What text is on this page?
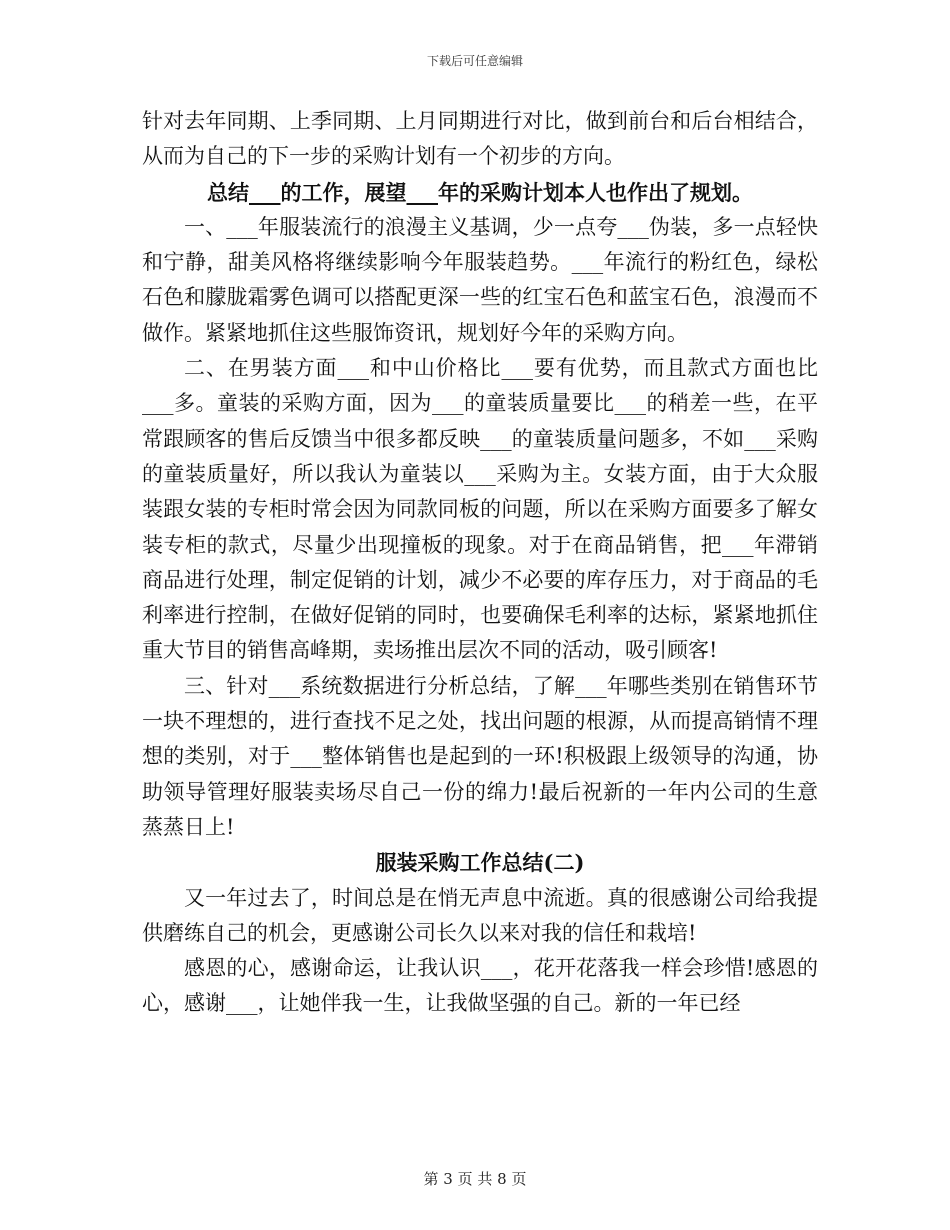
下载后可任意编辑

针对去年同期、上季同期、上月同期进行对比，做到前台和后台相结合，从而为自己的下一步的采购计划有一个初步的方向。

总结___的工作，展望___年的采购计划本人也作出了规划。

一、___年服装流行的浪漫主义基调，少一点夸___伪装，多一点轻快和宁静，甜美风格将继续影响今年服装趋势。___年流行的粉红色，绿松石色和朦胧霜雾色调可以搭配更深一些的红宝石色和蓝宝石色，浪漫而不做作。紧紧地抓住这些服饰资讯，规划好今年的采购方向。

二、在男装方面___和中山价格比___要有优势，而且款式方面也比___多。童装的采购方面，因为___的童装质量要比___的稍差一些，在平常跟顾客的售后反馈当中很多都反映___的童装质量问题多，不如___采购的童装质量好，所以我认为童装以___采购为主。女装方面，由于大众服装跟女装的专柜时常会因为同款同板的问题，所以在采购方面要多了解女装专柜的款式，尽量少出现撞板的现象。对于在商品销售，把___年滞销商品进行处理，制定促销的计划，减少不必要的库存压力，对于商品的毛利率进行控制，在做好促销的同时，也要确保毛利率的达标，紧紧地抓住重大节目的销售高峰期，卖场推出层次不同的活动，吸引顾客!

三、针对___系统数据进行分析总结，了解___年哪些类别在销售环节一块不理想的，进行查找不足之处，找出问题的根源，从而提高销情不理想的类别，对于___整体销售也是起到的一环!积极跟上级领导的沟通，协助领导管理好服装卖场尽自己一份的绵力!最后祝新的一年内公司的生意蒸蒸日上!

服装采购工作总结(二)

又一年过去了，时间总是在悄无声息中流逝。真的很感谢公司给我提供磨练自己的机会，更感谢公司长久以来对我的信任和栽培!

感恩的心，感谢命运，让我认识___，花开花落我一样会珍惜!感恩的心，感谢___，让她伴我一生，让我做坚强的自己。新的一年已经

第 3 页 共 8 页
